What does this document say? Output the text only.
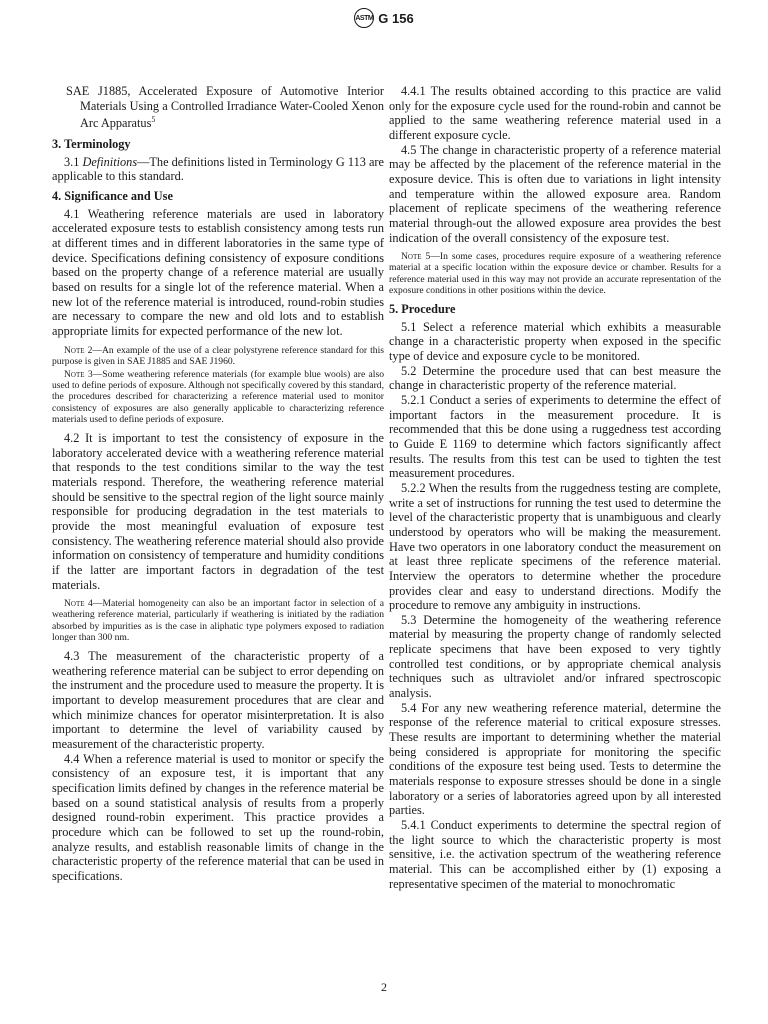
ASTM G 156

SAE J1885, Accelerated Exposure of Automotive Interior Materials Using a Controlled Irradiance Water-Cooled Xenon Arc Apparatus$^5$

3. Terminology

3.1 Definitions—The definitions listed in Terminology G 113 are applicable to this standard.

4. Significance and Use

4.1 Weathering reference materials are used in laboratory accelerated exposure tests to establish consistency among tests run at different times and in different laboratories in the same type of device. Specifications defining consistency of exposure conditions based on the property change of a reference material are usually based on results for a single lot of the reference material. When a new lot of the reference material is introduced, round-robin studies are necessary to compare the new and old lots and to establish appropriate limits for expected performance of the new lot.

Note 2—An example of the use of a clear polystyrene reference standard for this purpose is given in SAE J1885 and SAE J1960.

Note 3—Some weathering reference materials (for example blue wools) are also used to define periods of exposure. Although not specifically covered by this standard, the procedures described for characterizing a reference material used to monitor consistency of exposures are also generally applicable to characterizing reference materials used to define periods of exposure.

4.2 It is important to test the consistency of exposure in the laboratory accelerated device with a weathering reference material that responds to the test conditions similar to the way the test materials respond. Therefore, the weathering reference material should be sensitive to the spectral region of the light source mainly responsible for producing degradation in the test materials to provide the most meaningful evaluation of exposure test consistency. The weathering reference material should also provide information on consistency of temperature and humidity conditions if the latter are important factors in degradation of the test materials.

Note 4—Material homogeneity can also be an important factor in selection of a weathering reference material, particularly if weathering is initiated by the radiation absorbed by impurities as is the case in aliphatic type polymers exposed to radiation longer than 300 nm.

4.3 The measurement of the characteristic property of a weathering reference material can be subject to error depending on the instrument and the procedure used to measure the property. It is important to develop measurement procedures that are clear and which minimize chances for operator misinterpretation. It is also important to determine the level of variability caused by measurement of the characteristic property.

4.4 When a reference material is used to monitor or specify the consistency of an exposure test, it is important that any specification limits defined by changes in the reference material be based on a sound statistical analysis of results from a properly designed round-robin experiment. This practice provides a procedure which can be followed to set up the round-robin, analyze results, and establish reasonable limits of change in the characteristic property of the reference material that can be used in specifications.

4.4.1 The results obtained according to this practice are valid only for the exposure cycle used for the round-robin and cannot be applied to the same weathering reference material used in a different exposure cycle.

4.5 The change in characteristic property of a reference material may be affected by the placement of the reference material in the exposure device. This is often due to variations in light intensity and temperature within the allowed exposure area. Random placement of replicate specimens of the weathering reference material through-out the allowed exposure area provides the best indication of the overall consistency of the exposure test.

Note 5—In some cases, procedures require exposure of a weathering reference material at a specific location within the exposure device or chamber. Results for a reference material used in this way may not provide an accurate representation of the exposure conditions in other positions within the device.

5. Procedure

5.1 Select a reference material which exhibits a measurable change in a characteristic property when exposed in the specific type of device and exposure cycle to be monitored.

5.2 Determine the procedure used that can best measure the change in characteristic property of the reference material.

5.2.1 Conduct a series of experiments to determine the effect of important factors in the measurement procedure. It is recommended that this be done using a ruggedness test according to Guide E 1169 to determine which factors significantly affect results. The results from this test can be used to tighten the test measurement procedures.

5.2.2 When the results from the ruggedness testing are complete, write a set of instructions for running the test used to determine the level of the characteristic property that is unambiguous and clearly understood by operators who will be making the measurement. Have two operators in one laboratory conduct the measurement on at least three replicate specimens of the reference material. Interview the operators to determine whether the procedure provides clear and easy to understand directions. Modify the procedure to remove any ambiguity in instructions.

5.3 Determine the homogeneity of the weathering reference material by measuring the property change of randomly selected replicate specimens that have been exposed to very tightly controlled test conditions, or by appropriate chemical analysis techniques such as ultraviolet and/or infrared spectroscopic analysis.

5.4 For any new weathering reference material, determine the response of the reference material to critical exposure stresses. These results are important to determining whether the material being considered is appropriate for monitoring the specific conditions of the exposure test being used. Tests to determine the materials response to exposure stresses should be done in a single laboratory or a series of laboratories agreed upon by all interested parties.

5.4.1 Conduct experiments to determine the spectral region of the light source to which the characteristic property is most sensitive, i.e. the activation spectrum of the weathering reference material. This can be accomplished either by (1) exposing a representative specimen of the material to monochromatic

2
